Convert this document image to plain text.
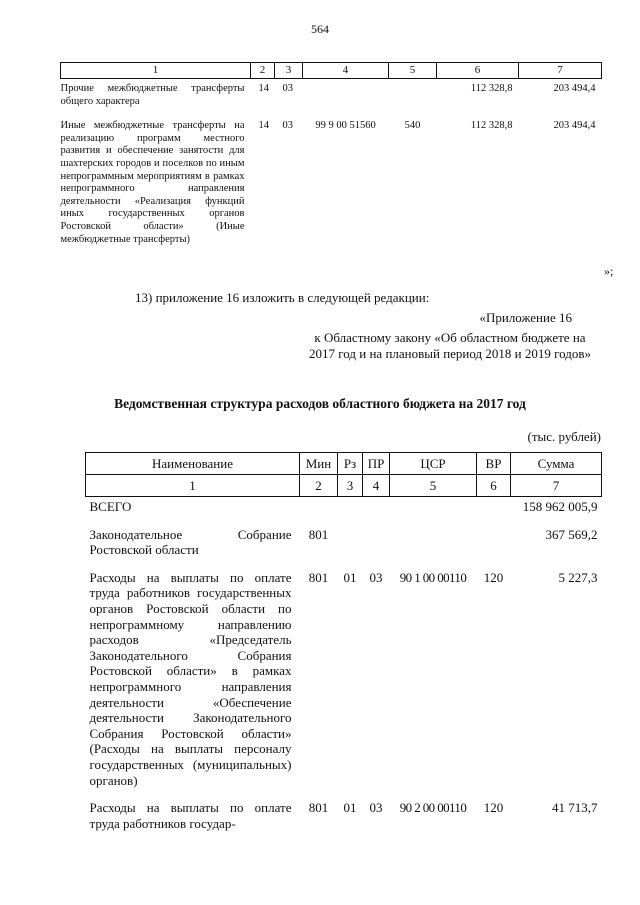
564
1	2	3	4	5	6	7
Прочие межбюджетные трансферты общего характера	14	03			112 328,8	203 494,4
Иные межбюджетные трансферты на реализацию программ местного развития и обеспечение занятости для шахтерских городов и поселков по иным непрограммным мероприятиям в рамках непрограммного направления деятельности «Реализация функций иных государственных органов Ростовской области» (Иные межбюджетные трансферты)	14	03	99 9 00 51560	540	112 328,8	203 494,4
»;
13) приложение 16 изложить в следующей редакции:
«Приложение 16
к Областному закону «Об областном бюджете на 2017 год и на плановый период 2018 и 2019 годов»
Ведомственная структура расходов областного бюджета на 2017 год
(тыс. рублей)
Наименование	Мин	Рз	ПР	ЦСР	ВР	Сумма
1	2	3	4	5	6	7
ВСЕГО						158 962 005,9
Законодательное Собрание Ростовской области	801					367 569,2
Расходы на выплаты по оплате труда работников государственных органов Ростовской области по непрограммному направлению расходов «Председатель Законодательного Собрания Ростовской области» в рамках непрограммного направления деятельности «Обеспечение деятельности Законодательного Собрания Ростовской области» (Расходы на выплаты персоналу государственных (муниципальных) органов)	801	01	03	90 1 00 00110	120	5 227,3
Расходы на выплаты по оплате труда работников государ-	801	01	03	90 2 00 00110	120	41 713,7
